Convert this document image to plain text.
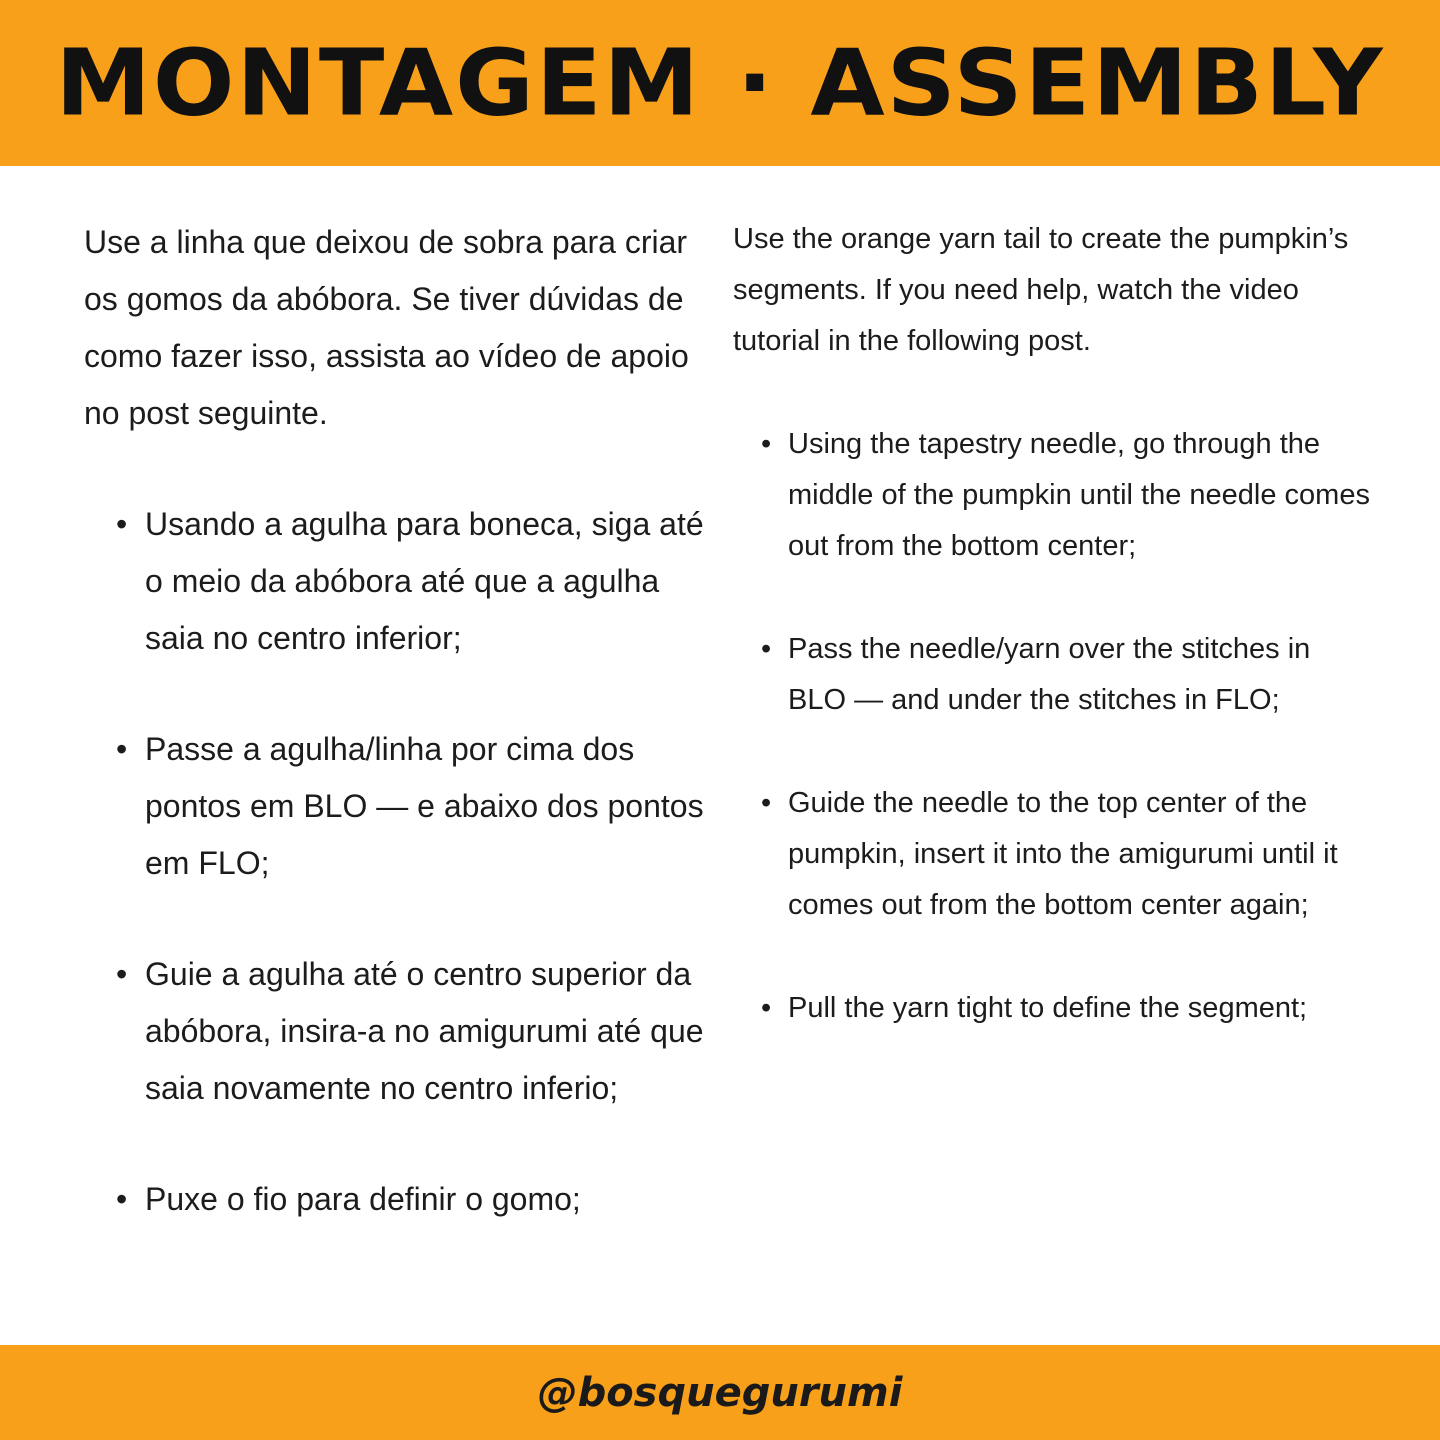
MONTAGEM · ASSEMBLY

Use a linha que deixou de sobra para criar os gomos da abóbora. Se tiver dúvidas de como fazer isso, assista ao vídeo de apoio no post seguinte.

• Usando a agulha para boneca, siga até o meio da abóbora até que a agulha saia no centro inferior;
• Passe a agulha/linha por cima dos pontos em BLO — e abaixo dos pontos em FLO;
• Guie a agulha até o centro superior da abóbora, insira-a no amigurumi até que saia novamente no centro inferio;
• Puxe o fio para definir o gomo;

Use the orange yarn tail to create the pumpkin’s segments. If you need help, watch the video tutorial in the following post.

• Using the tapestry needle, go through the middle of the pumpkin until the needle comes out from the bottom center;
• Pass the needle/yarn over the stitches in BLO — and under the stitches in FLO;
• Guide the needle to the top center of the pumpkin, insert it into the amigurumi until it comes out from the bottom center again;
• Pull the yarn tight to define the segment;
@bosquegurumi
